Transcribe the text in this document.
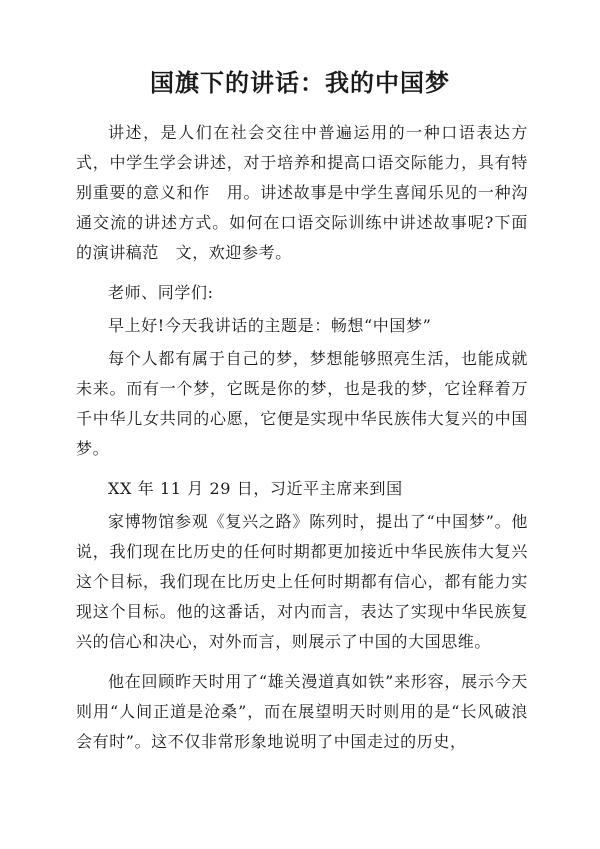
国旗下的讲话：我的中国梦

讲述，是人们在社会交往中普遍运用的一种口语表达方式，中学生学会讲述，对于培养和提高口语交际能力，具有特别重要的意义和作　用。讲述故事是中学生喜闻乐见的一种沟通交流的讲述方式。如何在口语交际训练中讲述故事呢?下面的演讲稿范　文，欢迎参考。

老师、同学们:

早上好!今天我讲话的主题是：畅想“中国梦”

每个人都有属于自己的梦，梦想能够照亮生活，也能成就未来。而有一个梦，它既是你的梦，也是我的梦，它诠释着万千中华儿女共同的心愿，它便是实现中华民族伟大复兴的中国梦。

XX 年 11 月 29 日，习近平主席来到国

家博物馆参观《复兴之路》陈列时，提出了“中国梦”。他说，我们现在比历史的任何时期都更加接近中华民族伟大复兴这个目标，我们现在比历史上任何时期都有信心，都有能力实现这个目标。他的这番话，对内而言，表达了实现中华民族复兴的信心和决心，对外而言，则展示了中国的大国思维。

他在回顾昨天时用了“雄关漫道真如铁”来形容，展示今天则用“人间正道是沧桑”，而在展望明天时则用的是“长风破浪会有时”。这不仅非常形象地说明了中国走过的历史，
